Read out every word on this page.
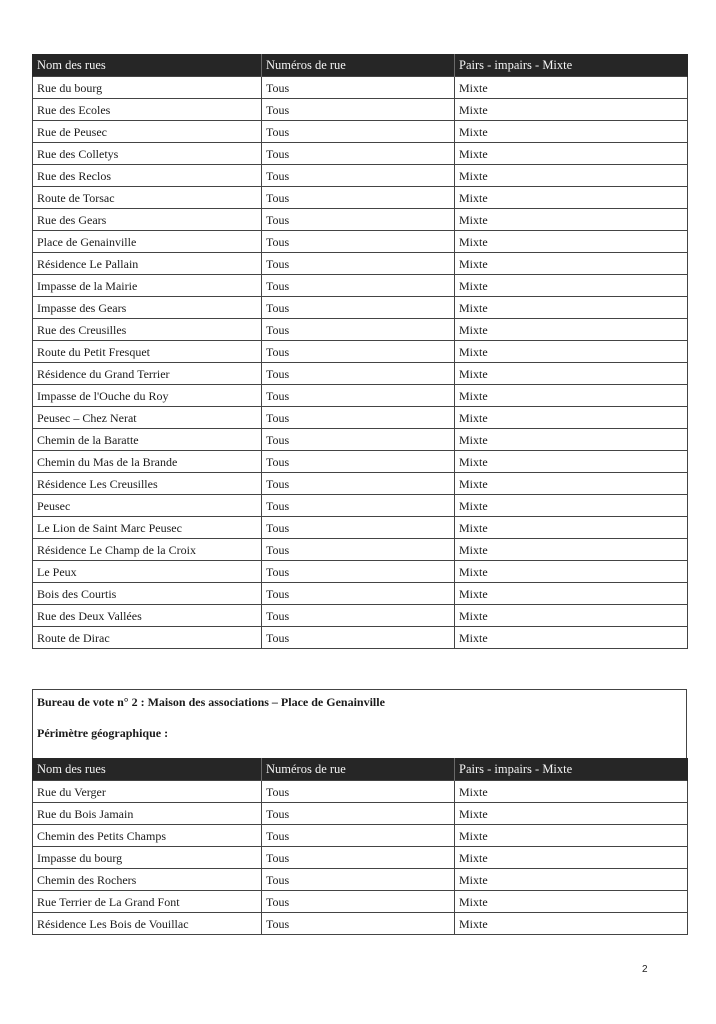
Nom des rues	Numéros de rue	Pairs - impairs - Mixte
Rue du bourg	Tous	Mixte
Rue des Ecoles	Tous	Mixte
Rue de Peusec	Tous	Mixte
Rue des Colletys	Tous	Mixte
Rue des Reclos	Tous	Mixte
Route de Torsac	Tous	Mixte
Rue des Gears	Tous	Mixte
Place de Genainville	Tous	Mixte
Résidence Le Pallain	Tous	Mixte
Impasse de la Mairie	Tous	Mixte
Impasse des Gears	Tous	Mixte
Rue des Creusilles	Tous	Mixte
Route du Petit Fresquet	Tous	Mixte
Résidence du Grand Terrier	Tous	Mixte
Impasse de l'Ouche du Roy	Tous	Mixte
Peusec – Chez Nerat	Tous	Mixte
Chemin de la Baratte	Tous	Mixte
Chemin du Mas de la Brande	Tous	Mixte
Résidence Les Creusilles	Tous	Mixte
Peusec	Tous	Mixte
Le Lion de Saint Marc Peusec	Tous	Mixte
Résidence Le Champ de la Croix	Tous	Mixte
Le Peux	Tous	Mixte
Bois des Courtis	Tous	Mixte
Rue des Deux Vallées	Tous	Mixte
Route de Dirac	Tous	Mixte
Bureau de vote n° 2 : Maison des associations – Place de Genainville
Périmètre géographique :
Nom des rues	Numéros de rue	Pairs - impairs - Mixte
Rue du Verger	Tous	Mixte
Rue du Bois Jamain	Tous	Mixte
Chemin des Petits Champs	Tous	Mixte
Impasse du bourg	Tous	Mixte
Chemin des Rochers	Tous	Mixte
Rue Terrier de La Grand Font	Tous	Mixte
Résidence Les Bois de Vouillac	Tous	Mixte
2
